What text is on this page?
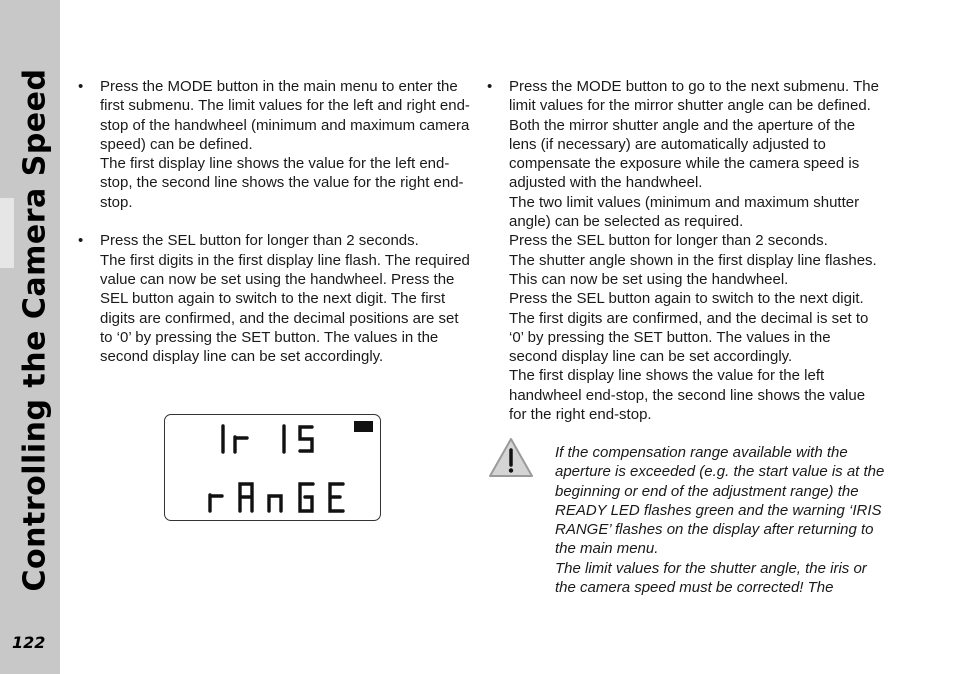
Controlling the Camera Speed
122
• Press the MODE button in the main menu to enter the first submenu. The limit values for the left and right end-stop of the handwheel (minimum and maximum camera speed) can be defined.

The first display line shows the value for the left end-stop, the second line shows the value for the right end-stop.

• Press the SEL button for longer than 2 seconds.

The first digits in the first display line flash. The required value can now be set using the handwheel. Press the SEL button again to switch to the next digit. The first digits are confirmed, and the decimal positions are set to ‘0’ by pressing the SET button. The values in the second display line can be set accordingly.

• Press the MODE button to go to the next submenu. The limit values for the mirror shutter angle can be defined. Both the mirror shutter angle and the aperture of the lens (if necessary) are automatically adjusted to compensate the exposure while the camera speed is adjusted with the handwheel.

The two limit values (minimum and maximum shutter angle) can be selected as required.

Press the SEL button for longer than 2 seconds.

The shutter angle shown in the first display line flashes. This can now be set using the handwheel.

Press the SEL button again to switch to the next digit. The first digits are confirmed, and the decimal is set to ‘0’ by pressing the SET button. The values in the second display line can be set accordingly.

The first display line shows the value for the left handwheel end-stop, the second line shows the value for the right end-stop.

If the compensation range available with the aperture is exceeded (e.g. the start value is at the beginning or end of the adjustment range) the READY LED flashes green and the warning ‘IRIS RANGE’ flashes on the display after returning to the main menu.

The limit values for the shutter angle, the iris or the camera speed must be corrected! The
